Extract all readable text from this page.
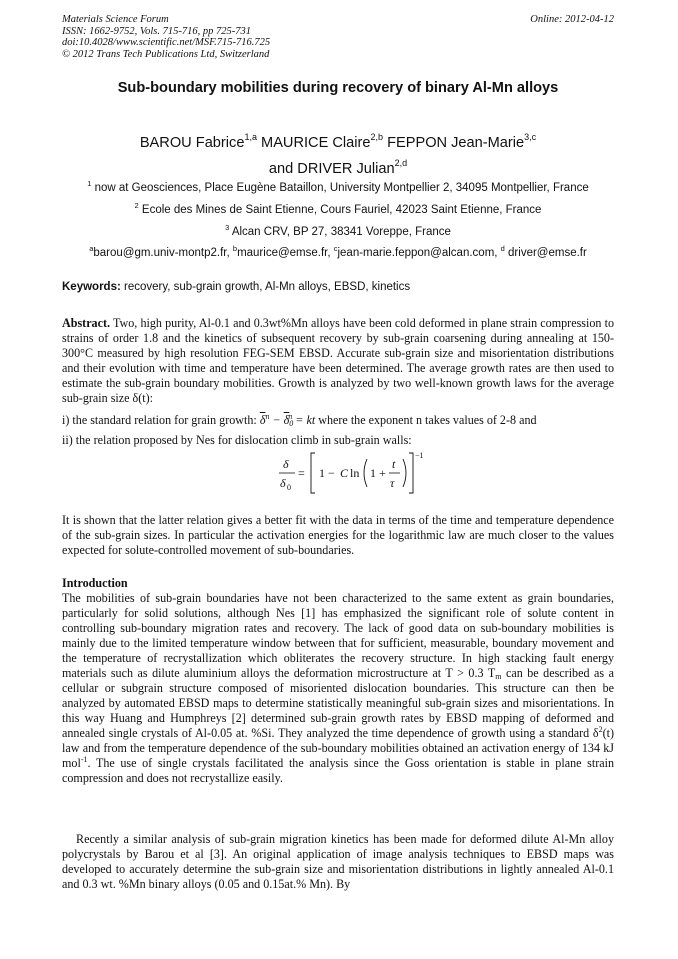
Materials Science Forum
ISSN: 1662-9752, Vols. 715-716, pp 725-731
doi:10.4028/www.scientific.net/MSF.715-716.725
© 2012 Trans Tech Publications Ltd, Switzerland
Online: 2012-04-12
Sub-boundary mobilities during recovery of binary Al-Mn alloys
BAROU Fabrice$^{1,a}$ MAURICE Claire$^{2,b}$ FEPPON Jean-Marie$^{3,c}$
and DRIVER Julian$^{2,d}$
$^1$ now at Geosciences, Place Eugène Bataillon, University Montpellier 2, 34095 Montpellier, France
$^2$ Ecole des Mines de Saint Etienne, Cours Fauriel, 42023 Saint Etienne, France
$^3$ Alcan CRV, BP 27, 38341 Voreppe, France
$^a$barou@gm.univ-montp2.fr, $^b$maurice@emse.fr, $^c$jean-marie.feppon@alcan.com, $^d$ driver@emse.fr
Keywords: recovery, sub-grain growth, Al-Mn alloys, EBSD, kinetics
Abstract. Two, high purity, Al-0.1 and 0.3wt%Mn alloys have been cold deformed in plane strain compression to strains of order 1.8 and the kinetics of subsequent recovery by sub-grain coarsening during annealing at 150-300°C measured by high resolution FEG-SEM EBSD. Accurate sub-grain size and misorientation distributions and their evolution with time and temperature have been determined. The average growth rates are then used to estimate the sub-grain boundary mobilities. Growth is analyzed by two well-known growth laws for the average sub-grain size δ(t):
i) the standard relation for grain growth: $\overline{\delta}^n - \overline{\delta}_0^n$ = kt where the exponent n takes values of 2-8 and
ii) the relation proposed by Nes for dislocation climb in sub-grain walls:
δ
δ 0
= 1 − C ln 1 +
t
τ
−1
It is shown that the latter relation gives a better fit with the data in terms of the time and temperature dependence of the sub-grain sizes. In particular the activation energies for the logarithmic law are much closer to the values expected for solute-controlled movement of sub-boundaries.
Introduction
The mobilities of sub-grain boundaries have not been characterized to the same extent as grain boundaries, particularly for solid solutions, although Nes [1] has emphasized the significant role of solute content in controlling sub-boundary migration rates and recovery. The lack of good data on sub-boundary mobilities is mainly due to the limited temperature window between that for sufficient, measurable, boundary movement and the temperature of recrystallization which obliterates the recovery structure. In high stacking fault energy materials such as dilute aluminium alloys the deformation microstructure at T > 0.3 $T_m$ can be described as a cellular or subgrain structure composed of misoriented dislocation boundaries. This structure can then be analyzed by automated EBSD maps to determine statistically meaningful sub-grain sizes and misorientations. In this way Huang and Humphreys [2] determined sub-grain growth rates by EBSD mapping of deformed and annealed single crystals of Al-0.05 at. %Si. They analyzed the time dependence of growth using a standard $\delta^2(t)$ law and from the temperature dependence of the sub-boundary mobilities obtained an activation energy of 134 kJ mol$^{-1}$. The use of single crystals facilitated the analysis since the Goss orientation is stable in plane strain compression and does not recrystallize easily.
Recently a similar analysis of sub-grain migration kinetics has been made for deformed dilute Al-Mn alloy polycrystals by Barou et al [3]. An original application of image analysis techniques to EBSD maps was developed to accurately determine the sub-grain size and misorientation distributions in lightly annealed Al-0.1 and 0.3 wt. %Mn binary alloys (0.05 and 0.15at.% Mn). By
